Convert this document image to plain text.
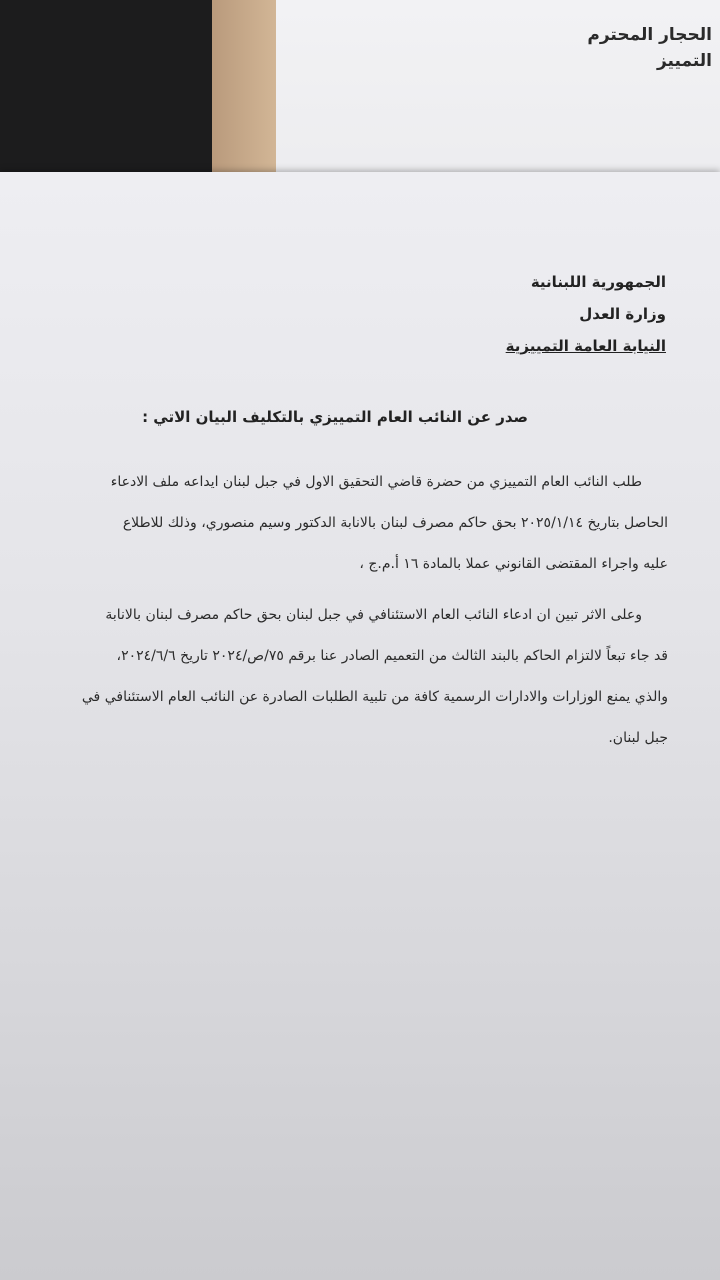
الحجار المحترم
التمييز
الجمهورية اللبنانية
وزارة العدل
النيابة العامة التمييزية
صدر عن النائب العام التمييزي بالتكليف البيان الاتي :

طلب النائب العام التمييزي من حضرة قاضي التحقيق الاول في جبل لبنان ايداعه ملف الادعاء

الحاصل بتاريخ ٢٠٢٥/١/١٤ بحق حاكم مصرف لبنان بالانابة الدكتور وسيم منصوري، وذلك للاطلاع

عليه واجراء المقتضى القانوني عملا بالمادة ١٦ أ.م.ج ،

وعلى الاثر تبين ان ادعاء النائب العام الاستئنافي في جبل لبنان بحق حاكم مصرف لبنان بالانابة

قد جاء تبعاً لالتزام الحاكم بالبند الثالث من التعميم الصادر عنا برقم ٧٥/ص/٢٠٢٤ تاريخ ٢٠٢٤/٦/٦،

والذي يمنع الوزارات والادارات الرسمية كافة من تلبية الطلبات الصادرة عن النائب العام الاستئنافي في

جبل لبنان.
